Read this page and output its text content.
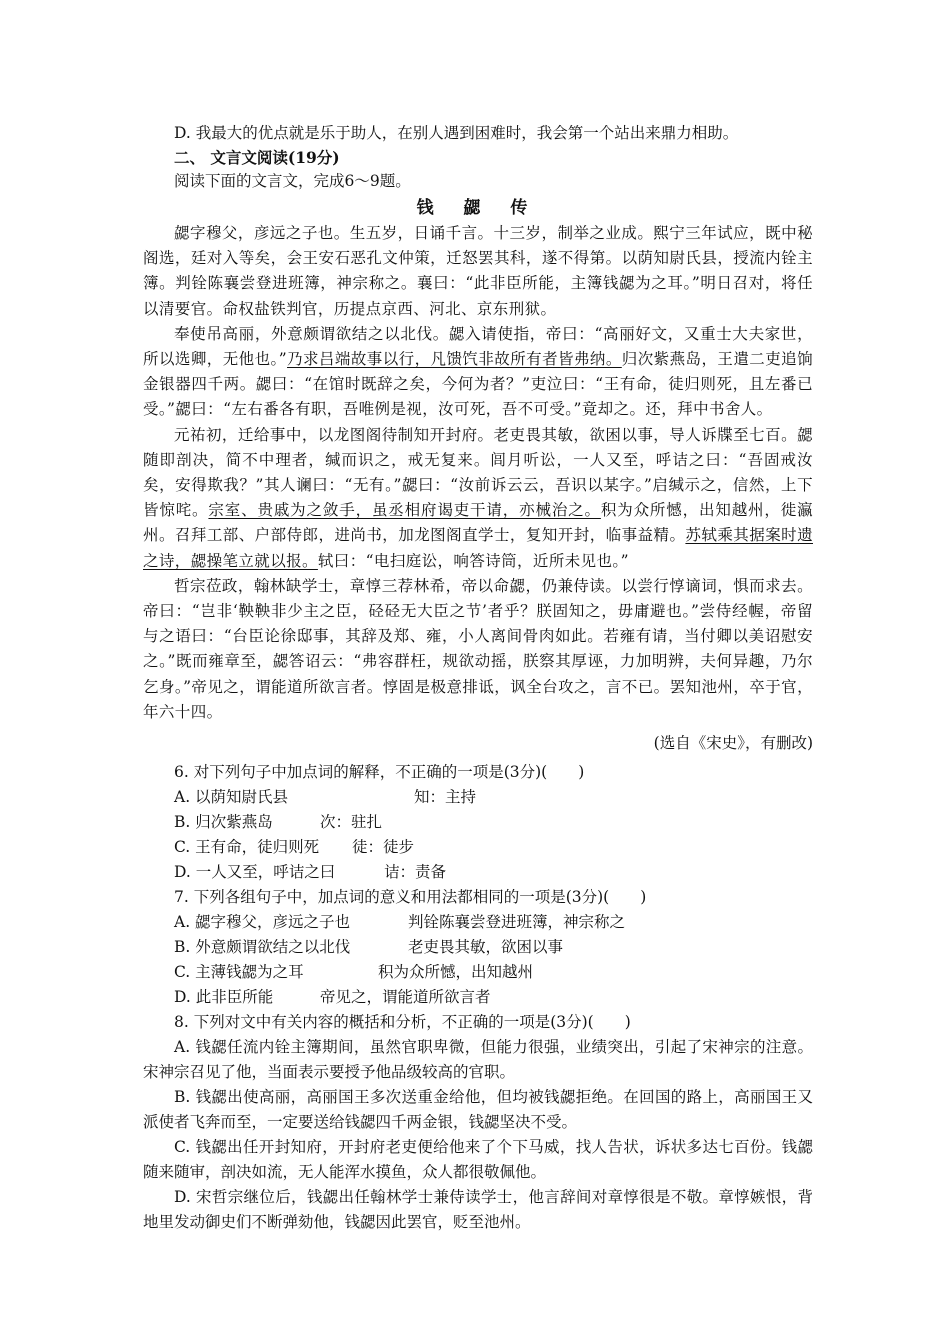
D. 我最大的优点就是乐于助人，在别人遇到困难时，我会第一个站出来鼎力相助。

二、 文言文阅读(19分)

阅读下面的文言文，完成6～9题。

钱 勰 传

勰字穆父，彦远之子也。生五岁，日诵千言。十三岁，制举之业成。熙宁三年试应，既中秘阁选，廷对入等矣，会王安石恶孔文仲策，迁怒罢其科，遂不得第。以荫知尉氏县，授流内铨主簿。判铨陈襄尝登进班簿，神宗称之。襄曰：“此非臣所能，主簿钱勰为之耳。”明日召对，将任以清要官。命权盐铁判官，历提点京西、河北、京东刑狱。

奉使吊高丽，外意颇谓欲结之以北伐。勰入请使指，帝曰：“高丽好文，又重士大夫家世，所以选卿，无他也。”乃求吕端故事以行，凡馈饩非故所有者皆弗纳。归次紫燕岛，王遣二吏追饷金银器四千两。勰曰：“在馆时既辞之矣，今何为者？”吏泣曰：“王有命，徒归则死，且左番已受。”勰曰：“左右番各有职，吾唯例是视，汝可死，吾不可受。”竟却之。还，拜中书舍人。

元祐初，迁给事中，以龙图阁待制知开封府。老吏畏其敏，欲困以事，导人诉牒至七百。勰随即剖决，简不中理者，缄而识之，戒无复来。闾月听讼，一人又至，呼诘之曰：“吾固戒汝矣，安得欺我？”其人谰曰：“无有。”勰曰：“汝前诉云云，吾识以某字。”启缄示之，信然，上下皆惊咤。宗室、贵戚为之敛手，虽丞相府谒吏干请，亦械治之。积为众所憾，出知越州，徙瀛州。召拜工部、户部侍郎，进尚书，加龙图阁直学士，复知开封，临事益精。苏轼乘其据案时遗之诗，勰操笔立就以报。轼曰：“电扫庭讼，响答诗筒，近所未见也。”

哲宗莅政，翰林缺学士，章惇三荐林希，帝以命勰，仍兼侍读。以尝行惇谪词，惧而求去。帝曰：“岂非‘鞅鞅非少主之臣，硁硁无大臣之节’者乎？朕固知之，毋庸避也。”尝侍经幄，帝留与之语曰：“台臣论徐邸事，其辞及郑、雍，小人离间骨肉如此。若雍有请，当付卿以美诏慰安之。”既而雍章至，勰答诏云：“弗容群枉，规欲动摇，朕察其厚诬，力加明辨，夫何异趣，乃尔乞身。”帝见之，谓能道所欲言者。惇固是极意排诋，讽全台攻之，言不已。罢知池州，卒于官，年六十四。

(选自《宋史》，有删改)

6. 对下列句子中加点词的解释，不正确的一项是(3分)(　　)

A. 以荫知尉氏县	知：主持

B. 归次紫燕岛	次：驻扎

C. 王有命，徒归则死 徒：徒步

D. 一人又至，呼诘之曰	诘：责备

7. 下列各组句子中，加点词的意义和用法都相同的一项是(3分)(　　)

A. 勰字穆父，彦远之子也	判铨陈襄尝登进班簿，神宗称之

B. 外意颇谓欲结之以北伐	老吏畏其敏，欲困以事

C. 主薄钱勰为之耳	积为众所憾，出知越州

D. 此非臣所能	帝见之，谓能道所欲言者

8. 下列对文中有关内容的概括和分析，不正确的一项是(3分)(　　)

A. 钱勰任流内铨主簿期间，虽然官职卑微，但能力很强，业绩突出，引起了宋神宗的注意。宋神宗召见了他，当面表示要授予他品级较高的官职。

B. 钱勰出使高丽，高丽国王多次送重金给他，但均被钱勰拒绝。在回国的路上，高丽国王又派使者飞奔而至，一定要送给钱勰四千两金银，钱勰坚决不受。

C. 钱勰出任开封知府，开封府老吏便给他来了个下马威，找人告状，诉状多达七百份。钱勰随来随审，剖决如流，无人能浑水摸鱼，众人都很敬佩他。

D. 宋哲宗继位后，钱勰出任翰林学士兼侍读学士，他言辞间对章惇很是不敬。章惇嫉恨，背地里发动御史们不断弹劾他，钱勰因此罢官，贬至池州。
